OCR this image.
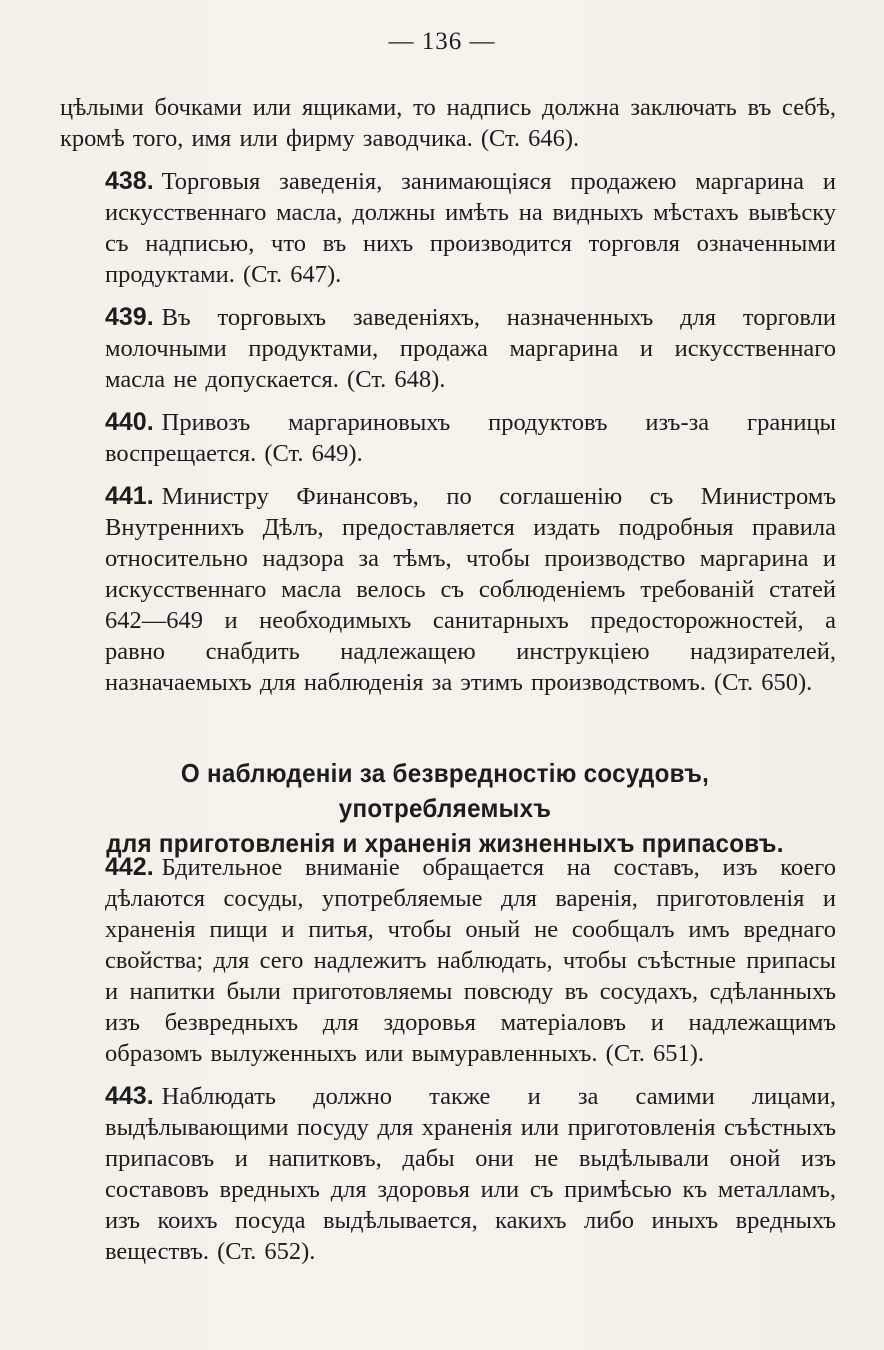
— 136 —

цѣлыми бочками или ящиками, то надпись должна заключать въ себѣ, кромѣ того, имя или фирму заводчика. (Ст. 646).

438. Торговыя заведенія, занимающіяся продажею маргарина и искусственнаго масла, должны имѣть на видныхъ мѣстахъ вывѣску съ надписью, что въ нихъ производится торговля означенными продуктами. (Ст. 647).

439. Въ торговыхъ заведеніяхъ, назначенныхъ для торговли молочными продуктами, продажа маргарина и искусственнаго масла не допускается. (Ст. 648).

440. Привозъ маргариновыхъ продуктовъ изъ-за границы воспрещается. (Ст. 649).

441. Министру Финансовъ, по соглашенію съ Министромъ Внутреннихъ Дѣлъ, предоставляется издать подробныя правила относительно надзора за тѣмъ, чтобы производство маргарина и искусственнаго масла велось съ соблюденіемъ требованій статей 642—649 и необходимыхъ санитарныхъ предосторожностей, а равно снабдить надлежащею инструкціею надзирателей, назначаемыхъ для наблюденія за этимъ производствомъ. (Ст. 650).

О наблюденіи за безвредностію сосудовъ, употребляемыхъ
для приготовленія и храненія жизненныхъ припасовъ.

442. Бдительное вниманіе обращается на составъ, изъ коего дѣлаются сосуды, употребляемые для варенія, приготовленія и храненія пищи и питья, чтобы оный не сообщалъ имъ вреднаго свойства; для сего надлежитъ наблюдать, чтобы съѣстные припасы и напитки были приготовляемы повсюду въ сосудахъ, сдѣланныхъ изъ безвредныхъ для здоровья матеріаловъ и надлежащимъ образомъ вылуженныхъ или вымуравленныхъ. (Ст. 651).

443. Наблюдать должно также и за самими лицами, выдѣлывающими посуду для храненія или приготовленія съѣстныхъ припасовъ и напитковъ, дабы они не выдѣлывали оной изъ составовъ вредныхъ для здоровья или съ примѣсью къ металламъ, изъ коихъ посуда выдѣлывается, какихъ либо иныхъ вредныхъ веществъ. (Ст. 652).
